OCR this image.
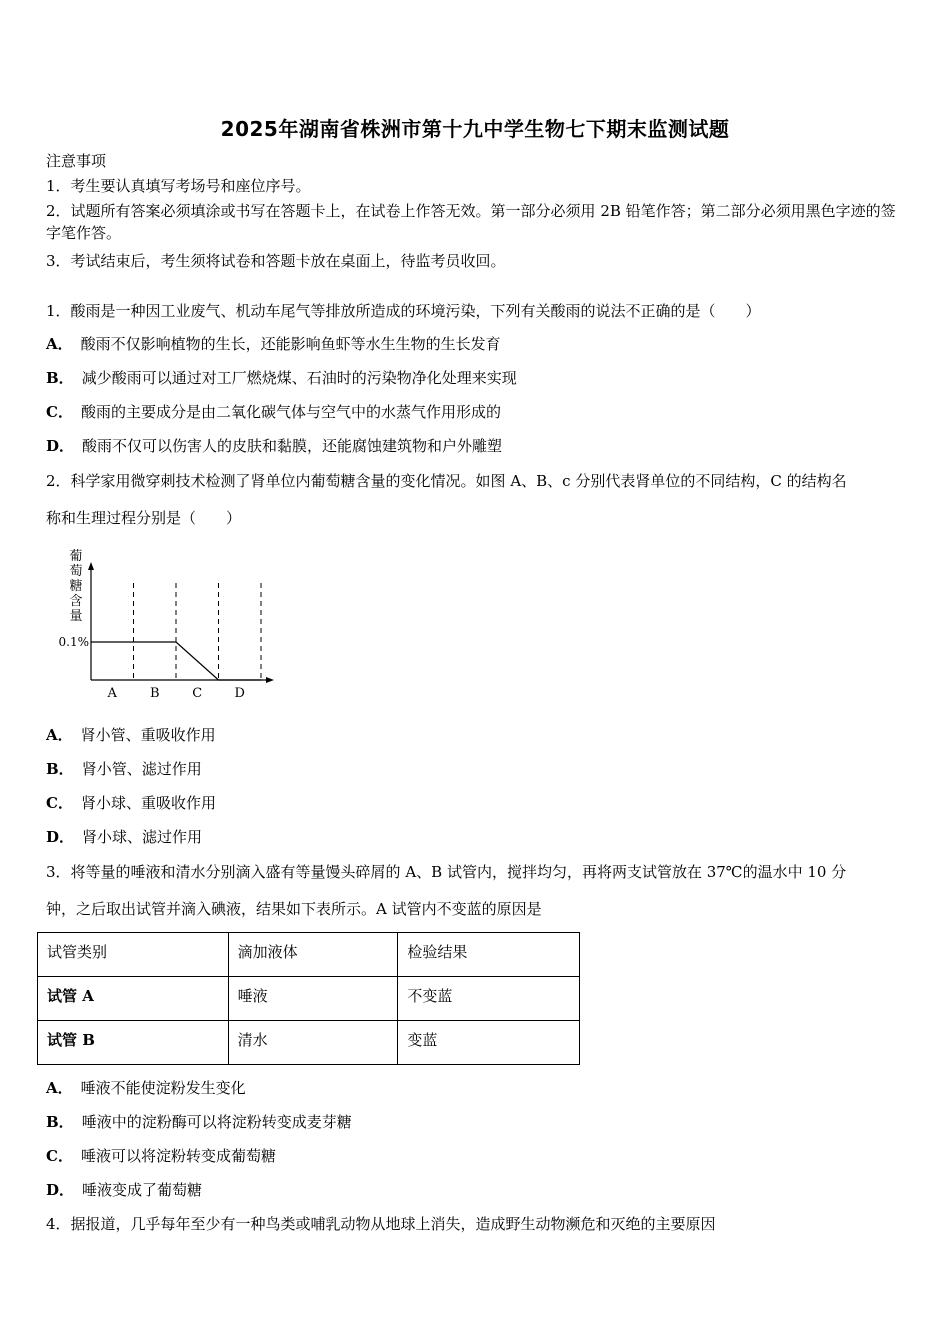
2025年湖南省株洲市第十九中学生物七下期末监测试题
注意事项
1．考生要认真填写考场号和座位序号。
2．试题所有答案必须填涂或书写在答题卡上，在试卷上作答无效。第一部分必须用 2B 铅笔作答；第二部分必须用黑色字迹的签字笔作答。
3．考试结束后，考生须将试卷和答题卡放在桌面上，待监考员收回。
1．酸雨是一种因工业废气、机动车尾气等排放所造成的环境污染，下列有关酸雨的说法不正确的是（　　）
A． 酸雨不仅影响植物的生长，还能影响鱼虾等水生生物的生长发育
B． 减少酸雨可以通过对工厂燃烧煤、石油时的污染物净化处理来实现
C． 酸雨的主要成分是由二氧化碳气体与空气中的水蒸气作用形成的
D． 酸雨不仅可以伤害人的皮肤和黏膜，还能腐蚀建筑物和户外雕塑
2．科学家用微穿刺技术检测了肾单位内葡萄糖含量的变化情况。如图 A、B、c 分别代表肾单位的不同结构，C 的结构名
称和生理过程分别是（　　）
葡
萄
糖
含
量
0.1%
A	B	C D
A． 肾小管、重吸收作用
B． 肾小管、滤过作用
C． 肾小球、重吸收作用
D． 肾小球、滤过作用
3．将等量的唾液和清水分别滴入盛有等量馒头碎屑的 A、B 试管内，搅拌均匀，再将两支试管放在 37℃的温水中 10 分
钟，之后取出试管并滴入碘液，结果如下表所示。A 试管内不变蓝的原因是
试管类别	滴加液体	检验结果
试管 A	唾液	不变蓝
试管 B	清水	变蓝
A． 唾液不能使淀粉发生变化
B． 唾液中的淀粉酶可以将淀粉转变成麦芽糖
C． 唾液可以将淀粉转变成葡萄糖
D． 唾液变成了葡萄糖
4．据报道，几乎每年至少有一种鸟类或哺乳动物从地球上消失，造成野生动物濒危和灭绝的主要原因
